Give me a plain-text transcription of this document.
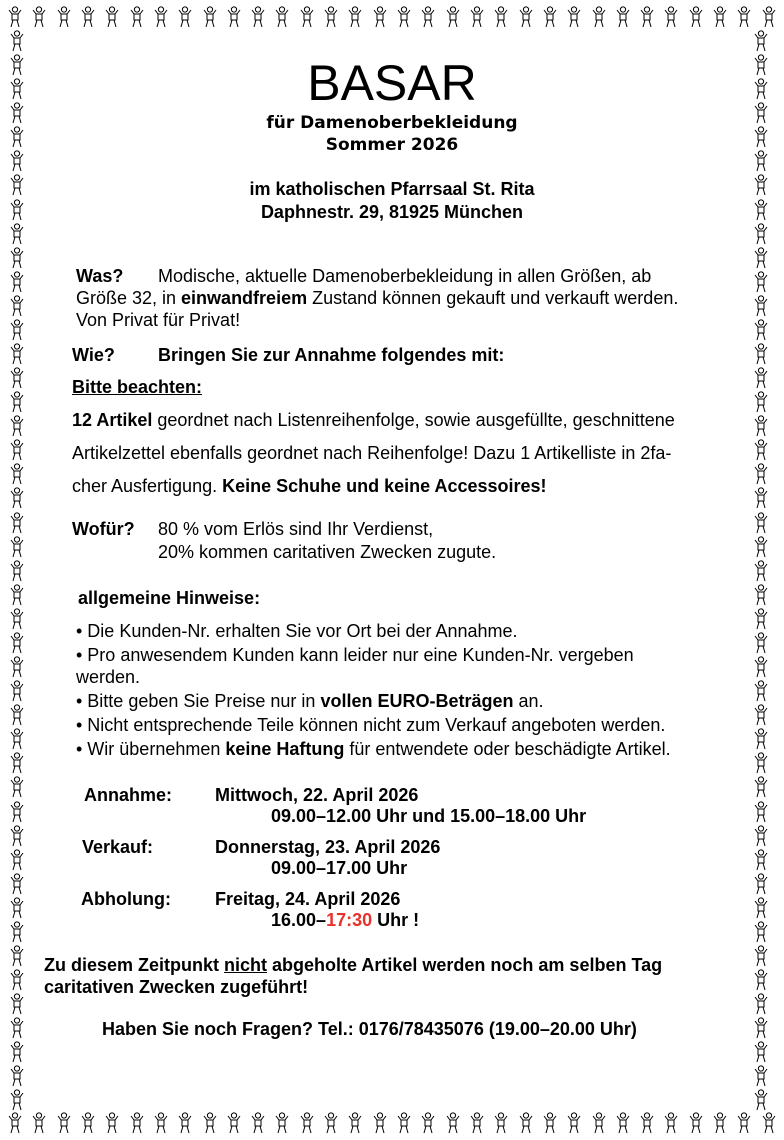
BASAR
für Damenoberbekleidung
Sommer 2026
im katholischen Pfarrsaal St. Rita
Daphnestr. 29, 81925 München
Was? Modische, aktuelle Damenoberbekleidung in allen Größen, ab
Größe 32, in einwandfreiem Zustand können gekauft und verkauft werden.
Von Privat für Privat!
Wie? Bringen Sie zur Annahme folgendes mit:
Bitte beachten:
12 Artikel geordnet nach Listenreihenfolge, sowie ausgefüllte, geschnittene
Artikelzettel ebenfalls geordnet nach Reihenfolge! Dazu 1 Artikelliste in 2fa-
cher Ausfertigung. Keine Schuhe und keine Accessoires!
Wofür? 80 % vom Erlös sind Ihr Verdienst,
20% kommen caritativen Zwecken zugute.
allgemeine Hinweise:
• Die Kunden-Nr. erhalten Sie vor Ort bei der Annahme.
• Pro anwesendem Kunden kann leider nur eine Kunden-Nr. vergeben
werden.
• Bitte geben Sie Preise nur in vollen EURO-Beträgen an.
• Nicht entsprechende Teile können nicht zum Verkauf angeboten werden.
• Wir übernehmen keine Haftung für entwendete oder beschädigte Artikel.
Annahme: Mittwoch, 22. April 2026
09.00–12.00 Uhr und 15.00–18.00 Uhr
Verkauf:	Donnerstag, 23. April 2026
09.00–17.00 Uhr
Abholung: Freitag, 24. April 2026
16.00–17:30 Uhr !
Zu diesem Zeitpunkt nicht abgeholte Artikel werden noch am selben Tag
caritativen Zwecken zugeführt!
Haben Sie noch Fragen? Tel.: 0176/78435076 (19.00–20.00 Uhr)
